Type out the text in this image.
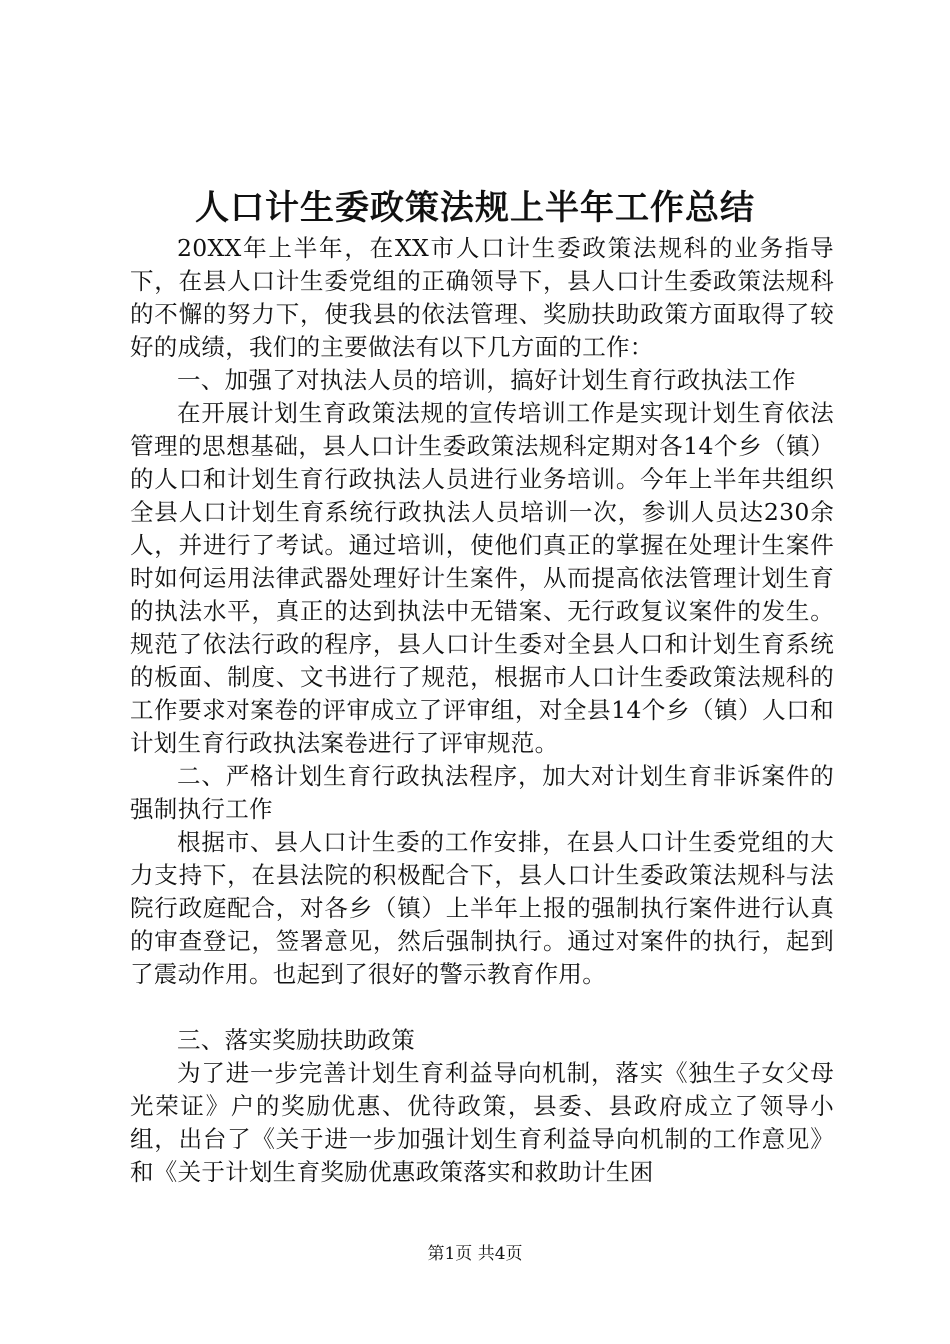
人口计生委政策法规上半年工作总结

20XX年上半年，在XX市人口计生委政策法规科的业务指导下，在县人口计生委党组的正确领导下，县人口计生委政策法规科的不懈的努力下，使我县的依法管理、奖励扶助政策方面取得了较好的成绩，我们的主要做法有以下几方面的工作：

一、加强了对执法人员的培训，搞好计划生育行政执法工作

在开展计划生育政策法规的宣传培训工作是实现计划生育依法管理的思想基础，县人口计生委政策法规科定期对各14个乡（镇）的人口和计划生育行政执法人员进行业务培训。今年上半年共组织全县人口计划生育系统行政执法人员培训一次，参训人员达230余人，并进行了考试。通过培训，使他们真正的掌握在处理计生案件时如何运用法律武器处理好计生案件，从而提高依法管理计划生育的执法水平，真正的达到执法中无错案、无行政复议案件的发生。规范了依法行政的程序，县人口计生委对全县人口和计划生育系统的板面、制度、文书进行了规范，根据市人口计生委政策法规科的工作要求对案卷的评审成立了评审组，对全县14个乡（镇）人口和计划生育行政执法案卷进行了评审规范。

二、严格计划生育行政执法程序，加大对计划生育非诉案件的强制执行工作

根据市、县人口计生委的工作安排，在县人口计生委党组的大力支持下，在县法院的积极配合下，县人口计生委政策法规科与法院行政庭配合，对各乡（镇）上半年上报的强制执行案件进行认真的审查登记，签署意见，然后强制执行。通过对案件的执行，起到了震动作用。也起到了很好的警示教育作用。

三、落实奖励扶助政策

为了进一步完善计划生育利益导向机制，落实《独生子女父母光荣证》户的奖励优惠、优待政策，县委、县政府成立了领导小组，出台了《关于进一步加强计划生育利益导向机制的工作意见》和《关于计划生育奖励优惠政策落实和救助计生困

第1页 共4页
